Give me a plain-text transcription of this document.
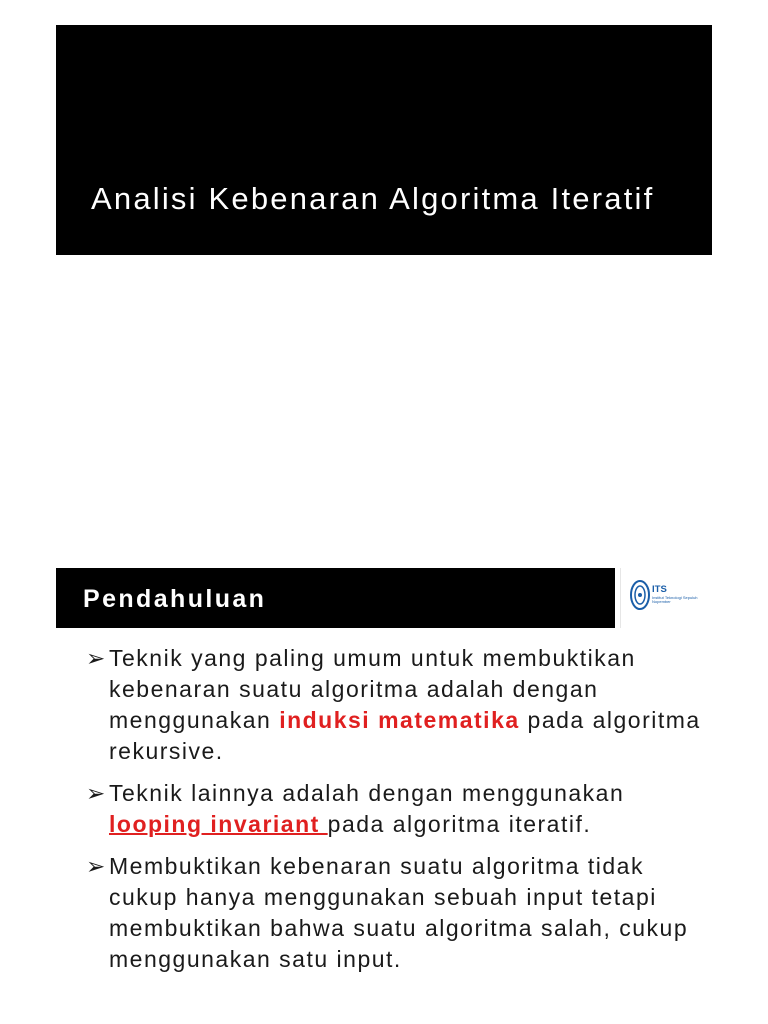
Analisi Kebenaran Algoritma Iteratif
Pendahuluan	ITS
Institut Teknologi Sepuluh Nopember
➢ Teknik yang paling umum untuk membuktikan kebenaran suatu algoritma adalah dengan menggunakan induksi matematika pada algoritma rekursive.
➢ Teknik lainnya adalah dengan menggunakan looping invariant pada algoritma iteratif.
➢ Membuktikan kebenaran suatu algoritma tidak cukup hanya menggunakan sebuah input tetapi membuktikan bahwa suatu algoritma salah, cukup menggunakan satu input.
